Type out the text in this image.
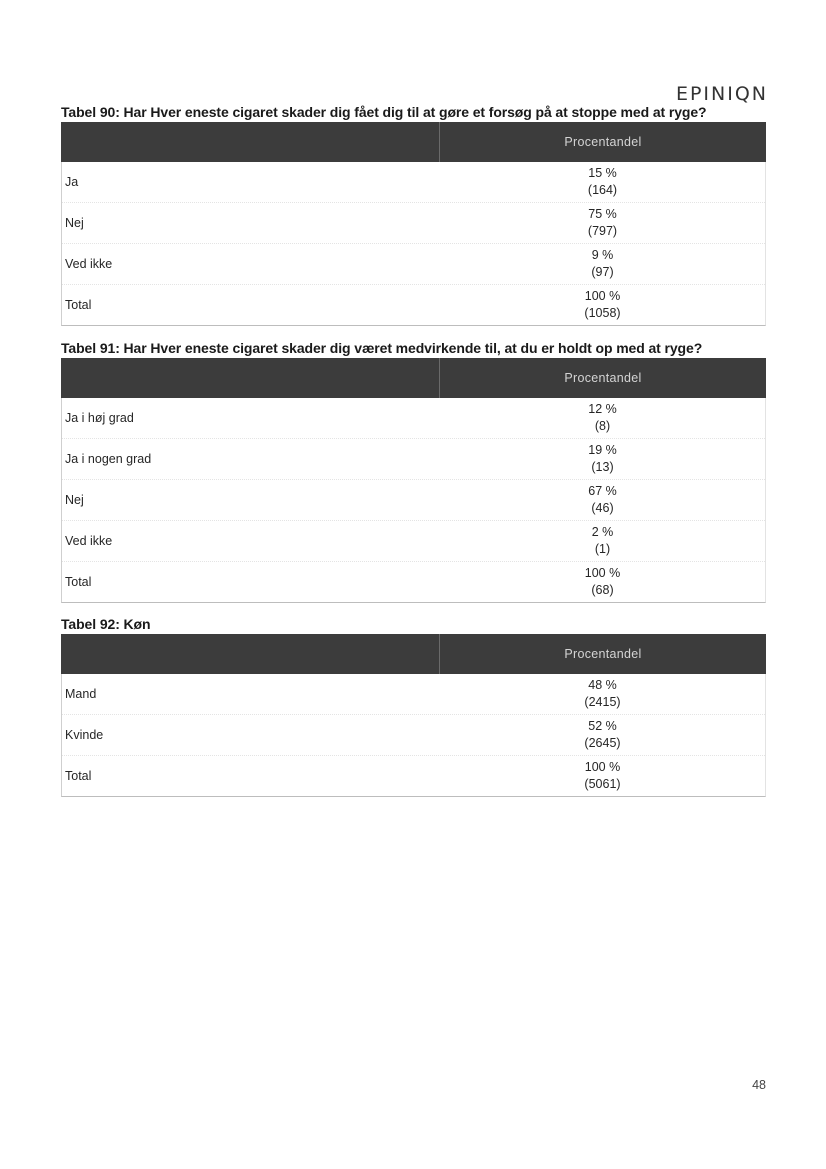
EPINIQN
Tabel 90: Har Hver eneste cigaret skader dig fået dig til at gøre et forsøg på at stoppe med at ryge?
Procentandel
Ja
15 %
(164)
Nej
75 %
(797)
Ved ikke
9 %
(97)
Total
100 %
(1058)
Tabel 91: Har Hver eneste cigaret skader dig været medvirkende til, at du er holdt op med at ryge?
Procentandel
Ja i høj grad
12 %
(8)
Ja i nogen grad
19 %
(13)
Nej
67 %
(46)
Ved ikke
2 %
(1)
Total
100 %
(68)
Tabel 92: Køn
Procentandel
Mand
48 %
(2415)
Kvinde
52 %
(2645)
Total
100 %
(5061)
48
